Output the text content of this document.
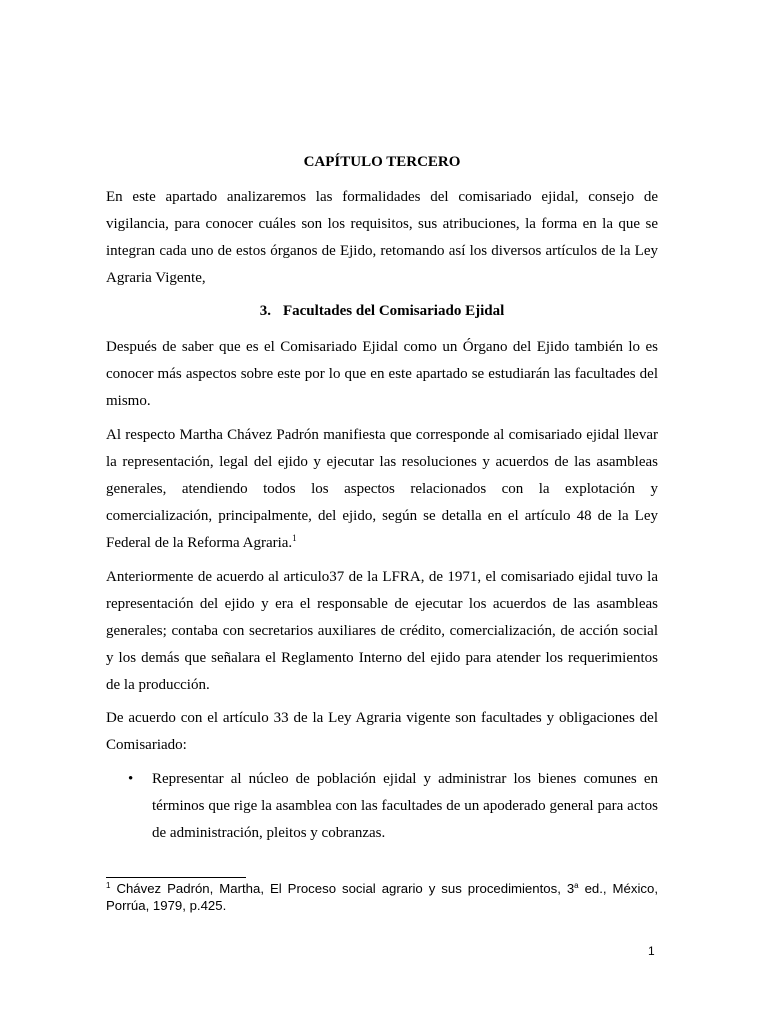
CAPÍTULO TERCERO

En este apartado analizaremos las formalidades del comisariado ejidal, consejo de vigilancia, para conocer cuáles son los requisitos, sus atribuciones, la forma en la que se integran cada uno de estos órganos de Ejido, retomando así los diversos artículos de la Ley Agraria Vigente,

3. Facultades del Comisariado Ejidal

Después de saber que es el Comisariado Ejidal como un Órgano del Ejido también lo es conocer más aspectos sobre este por lo que en este apartado se estudiarán las facultades del mismo.

Al respecto Martha Chávez Padrón manifiesta que corresponde al comisariado ejidal llevar la representación, legal del ejido y ejecutar las resoluciones y acuerdos de las asambleas generales, atendiendo todos los aspectos relacionados con la explotación y comercialización, principalmente, del ejido, según se detalla en el artículo 48 de la Ley Federal de la Reforma Agraria.$^1$

Anteriormente de acuerdo al articulo37 de la LFRA, de 1971, el comisariado ejidal tuvo la representación del ejido y era el responsable de ejecutar los acuerdos de las asambleas generales; contaba con secretarios auxiliares de crédito, comercialización, de acción social y los demás que señalara el Reglamento Interno del ejido para atender los requerimientos de la producción.

De acuerdo con el artículo 33 de la Ley Agraria vigente son facultades y obligaciones del Comisariado:

• Representar al núcleo de población ejidal y administrar los bienes comunes en términos que rige la asamblea con las facultades de un apoderado general para actos de administración, pleitos y cobranzas.

$^1$ Chávez Padrón, Martha, El Proceso social agrario y sus procedimientos, 3$^a$ ed., México, Porrúa, 1979, p.425.

1
